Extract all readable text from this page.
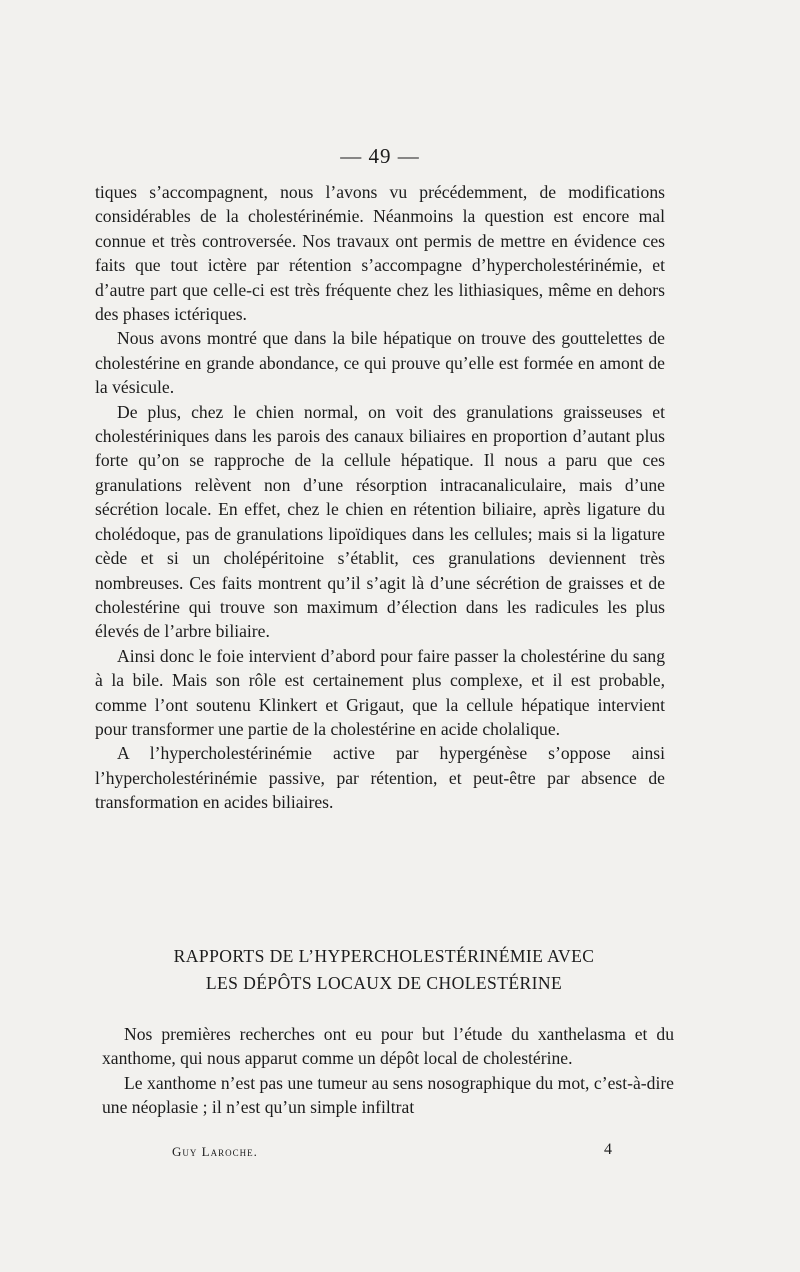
— 49 —

tiques s’accompagnent, nous l’avons vu précédemment, de modifications considérables de la cholestérinémie. Néanmoins la question est encore mal connue et très controversée. Nos travaux ont permis de mettre en évidence ces faits que tout ictère par rétention s’accompagne d’hypercholestérinémie, et d’autre part que celle-ci est très fréquente chez les lithiasiques, même en dehors des phases ictériques.

Nous avons montré que dans la bile hépatique on trouve des gouttelettes de cholestérine en grande abondance, ce qui prouve qu’elle est formée en amont de la vésicule.

De plus, chez le chien normal, on voit des granulations graisseuses et cholestériniques dans les parois des canaux biliaires en proportion d’autant plus forte qu’on se rapproche de la cellule hépatique. Il nous a paru que ces granulations relèvent non d’une résorption intracanaliculaire, mais d’une sécrétion locale. En effet, chez le chien en rétention biliaire, après ligature du cholédoque, pas de granulations lipoïdiques dans les cellules; mais si la ligature cède et si un cholépéritoine s’établit, ces granulations deviennent très nombreuses. Ces faits montrent qu’il s’agit là d’une sécrétion de graisses et de cholestérine qui trouve son maximum d’élection dans les radicules les plus élevés de l’arbre biliaire.

Ainsi donc le foie intervient d’abord pour faire passer la cholestérine du sang à la bile. Mais son rôle est certainement plus complexe, et il est probable, comme l’ont soutenu Klinkert et Grigaut, que la cellule hépatique intervient pour transformer une partie de la cholestérine en acide cholalique.

A l’hypercholestérinémie active par hypergénèse s’oppose ainsi l’hypercholestérinémie passive, par rétention, et peut-être par absence de transformation en acides biliaires.

RAPPORTS DE L’HYPERCHOLESTÉRINÉMIE AVEC
LES DÉPÔTS LOCAUX DE CHOLESTÉRINE

Nos premières recherches ont eu pour but l’étude du xanthelasma et du xanthome, qui nous apparut comme un dépôt local de cholestérine.

Le xanthome n’est pas une tumeur au sens nosographique du mot, c’est-à-dire une néoplasie ; il n’est qu’un simple infiltrat

Guy Laroche.	4
